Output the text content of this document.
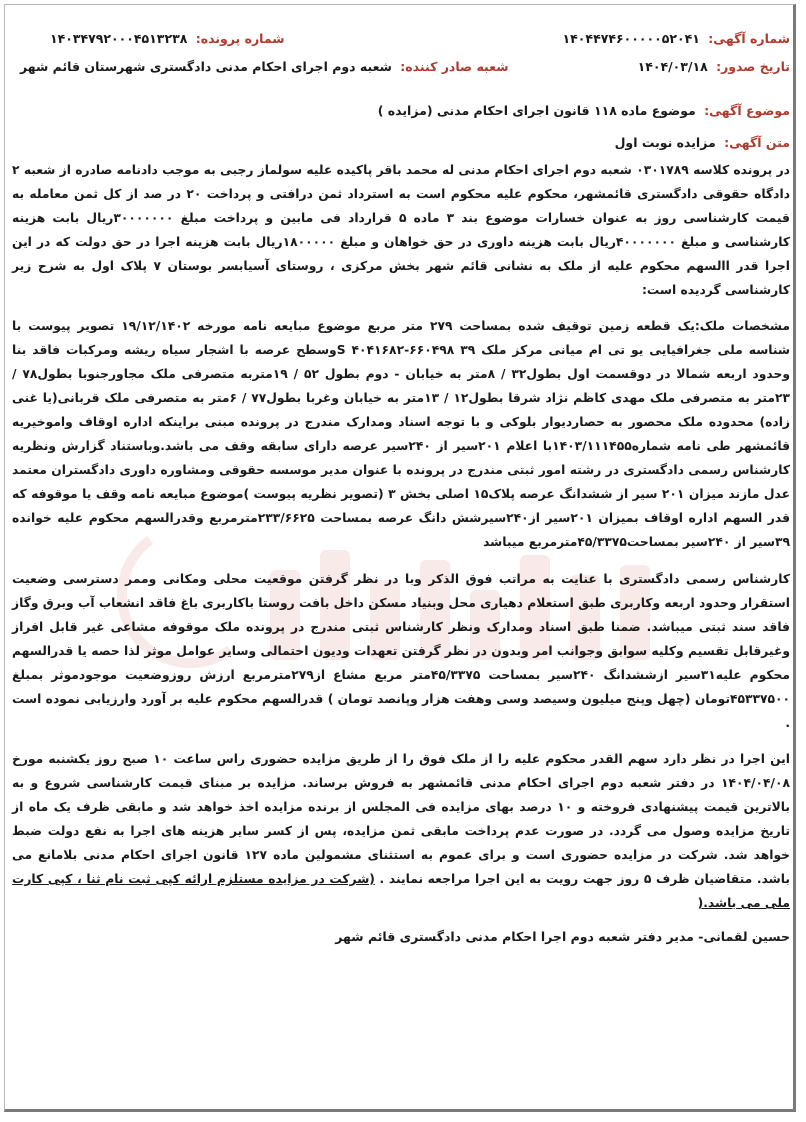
شماره آگهی: ۱۴۰۴۴۷۴۶۰۰۰۰۰۵۲۰۴۱
شماره پرونده: ۱۴۰۳۴۷۹۲۰۰۰۴۵۱۳۲۳۸
تاریخ صدور: ۱۴۰۴/۰۳/۱۸
شعبه صادر کننده: شعبه دوم اجرای احکام مدنی دادگستری شهرستان قائم شهر
موضوع آگهی: موضوع ماده ۱۱۸ قانون اجرای احکام مدنی (مزایده )
متن آگهی: مزایده نوبت اول

در پرونده کلاسه ۰۳۰۱۷۸۹ شعبه دوم اجرای احکام مدنی له محمد باقر پاکیده علیه سولماز رجبی به موجب دادنامه صادره از شعبه ۲ دادگاه حقوقی دادگستری قائمشهر، محکوم علیه محکوم است به استرداد ثمن درافتی و پرداخت ۲۰ در صد از کل ثمن معامله به قیمت کارشناسی روز به عنوان خسارات موضوع بند ۳ ماده ۵ قرارداد فی مابین و پرداخت مبلغ ۳۰۰۰۰۰۰۰ریال بابت هزینه کارشناسی و مبلغ ۴۰۰۰۰۰۰۰ریال بابت هزینه داوری در حق خواهان و مبلغ ۱۸۰۰۰۰۰ریال بابت هزینه اجرا در حق دولت که در این اجرا قدر االسهم محکوم علیه از ملک به نشانی قائم شهر بخش مرکزی ، روستای آسیابسر بوستان ۷ پلاک اول به شرح زیر کارشناسی گردیده است:

مشخصات ملک:یک قطعه زمین توقیف شده بمساحت ۲۷۹ متر مربع موضوع مبایعه نامه مورخه ۱۹/۱۲/۱۴۰۲ تصویر پیوست با شناسه ملی جغرافیایی یو تی ام میانی مرکز ملک ۳۹ ۶۶۰۴۹۸-۴۰۴۱۶۸۲ Sوسطح عرصه با اشجار سیاه ریشه ومرکبات فاقد بنا وحدود اربعه شمالا در دوقسمت اول بطول۳۲ / ۸متر به خیابان - دوم بطول ۵۲ / ۱۹متربه متصرفی ملک مجاورجنوبا بطول۷۸ / ۲۳متر به متصرفی ملک مهدی کاظم نژاد شرقا بطول۱۲ / ۱۳متر به خیابان وغربا بطول۷۷ / ۶متر به متصرفی ملک قربانی(یا غنی زاده) محدوده ملک محصور به حصاردیوار بلوکی و با توجه اسناد ومدارک مندرج در پرونده مبنی براینکه اداره اوقاف واموخیریه قائمشهر طی نامه شماره۱۴۰۳/۱۱۱۴۵۵با اعلام ۲۰۱سیر از ۲۴۰سیر عرصه دارای سابقه وقف می باشد.وباستناد گزارش ونظریه کارشناس رسمی دادگستری در رشته امور ثبتی مندرج در پرونده با عنوان مدیر موسسه حقوقی ومشاوره داوری دادگستران معتمد عدل مازند میزان ۲۰۱ سیر از ششدانگ عرصه پلاک۱۵ اصلی بخش ۳ (تصویر نظریه پیوست )موضوع مبایعه نامه وقف یا موقوفه که قدر السهم اداره اوقاف بمیزان ۲۰۱سیر از۲۴۰سیرشش دانگ عرصه بمساحت ۲۳۳/۶۶۲۵مترمربع وقدرالسهم محکوم علیه خوانده ۳۹سیر از ۲۴۰سیر بمساحت۴۵/۳۳۷۵مترمربع میباشد

کارشناس رسمی دادگستری با عنایت به مراتب فوق الذکر وبا در نظر گرفتن موقعیت محلی ومکانی وممر دسترسی وضعیت استقرار وحدود اربعه وکاربری طبق استعلام دهیاری محل وبنیاد مسکن داخل بافت روستا باکاربری باغ فاقد انشعاب آب وبرق وگاز فاقد سند ثبتی میباشد. ضمنا طبق اسناد ومدارک ونظر کارشناس ثبتی مندرج در پرونده ملک موقوفه مشاعی غیر قابل افراز وغیرقابل تقسیم وکلیه سوابق وجوانب امر وبدون در نظر گرفتن تعهدات ودیون احتمالی وسایر عوامل موثر لذا حصه یا قدرالسهم محکوم علیه۳۱سیر ازششدانگ ۲۴۰سیر بمساحت ۴۵/۳۳۷۵متر مربع مشاع از۲۷۹مترمربع ارزش روزوضعیت موجودموثر بمبلغ ۴۵۳۳۷۵۰۰تومان (چهل وپنج میلیون وسیصد وسی وهفت هزار وپانصد تومان ) قدرالسهم محکوم علیه بر آورد وارزیابی نموده است .

این اجرا در نظر دارد سهم القدر محکوم علیه را از ملک فوق را از طریق مزایده حضوری راس ساعت ۱۰ صبح روز یکشنبه مورخ ۱۴۰۴/۰۴/۰۸ در دفتر شعبه دوم اجرای احکام مدنی قائمشهر به فروش برساند. مزایده بر مبنای قیمت کارشناسی شروع و به بالاترین قیمت پیشنهادی فروخته و ۱۰ درصد بهای مزایده فی المجلس از برنده مزایده اخذ خواهد شد و مابقی ظرف یک ماه از تاریخ مزایده وصول می گردد. در صورت عدم پرداخت مابقی ثمن مزایده، پس از کسر سایر هزینه های اجرا به نفع دولت ضبط خواهد شد. شرکت در مزایده حضوری است و برای عموم به استثنای مشمولین ماده ۱۲۷ قانون اجرای احکام مدنی بلامانع می باشد. متقاضیان ظرف ۵ روز جهت رویت به این اجرا مراجعه نمایند . (شرکت در مزایده مستلزم ارائه کپی ثبت نام ثنا ، کپی کارت ملی می باشد.(

حسین لقمانی- مدیر دفتر شعبه دوم اجرا احکام مدنی دادگستری قائم شهر
